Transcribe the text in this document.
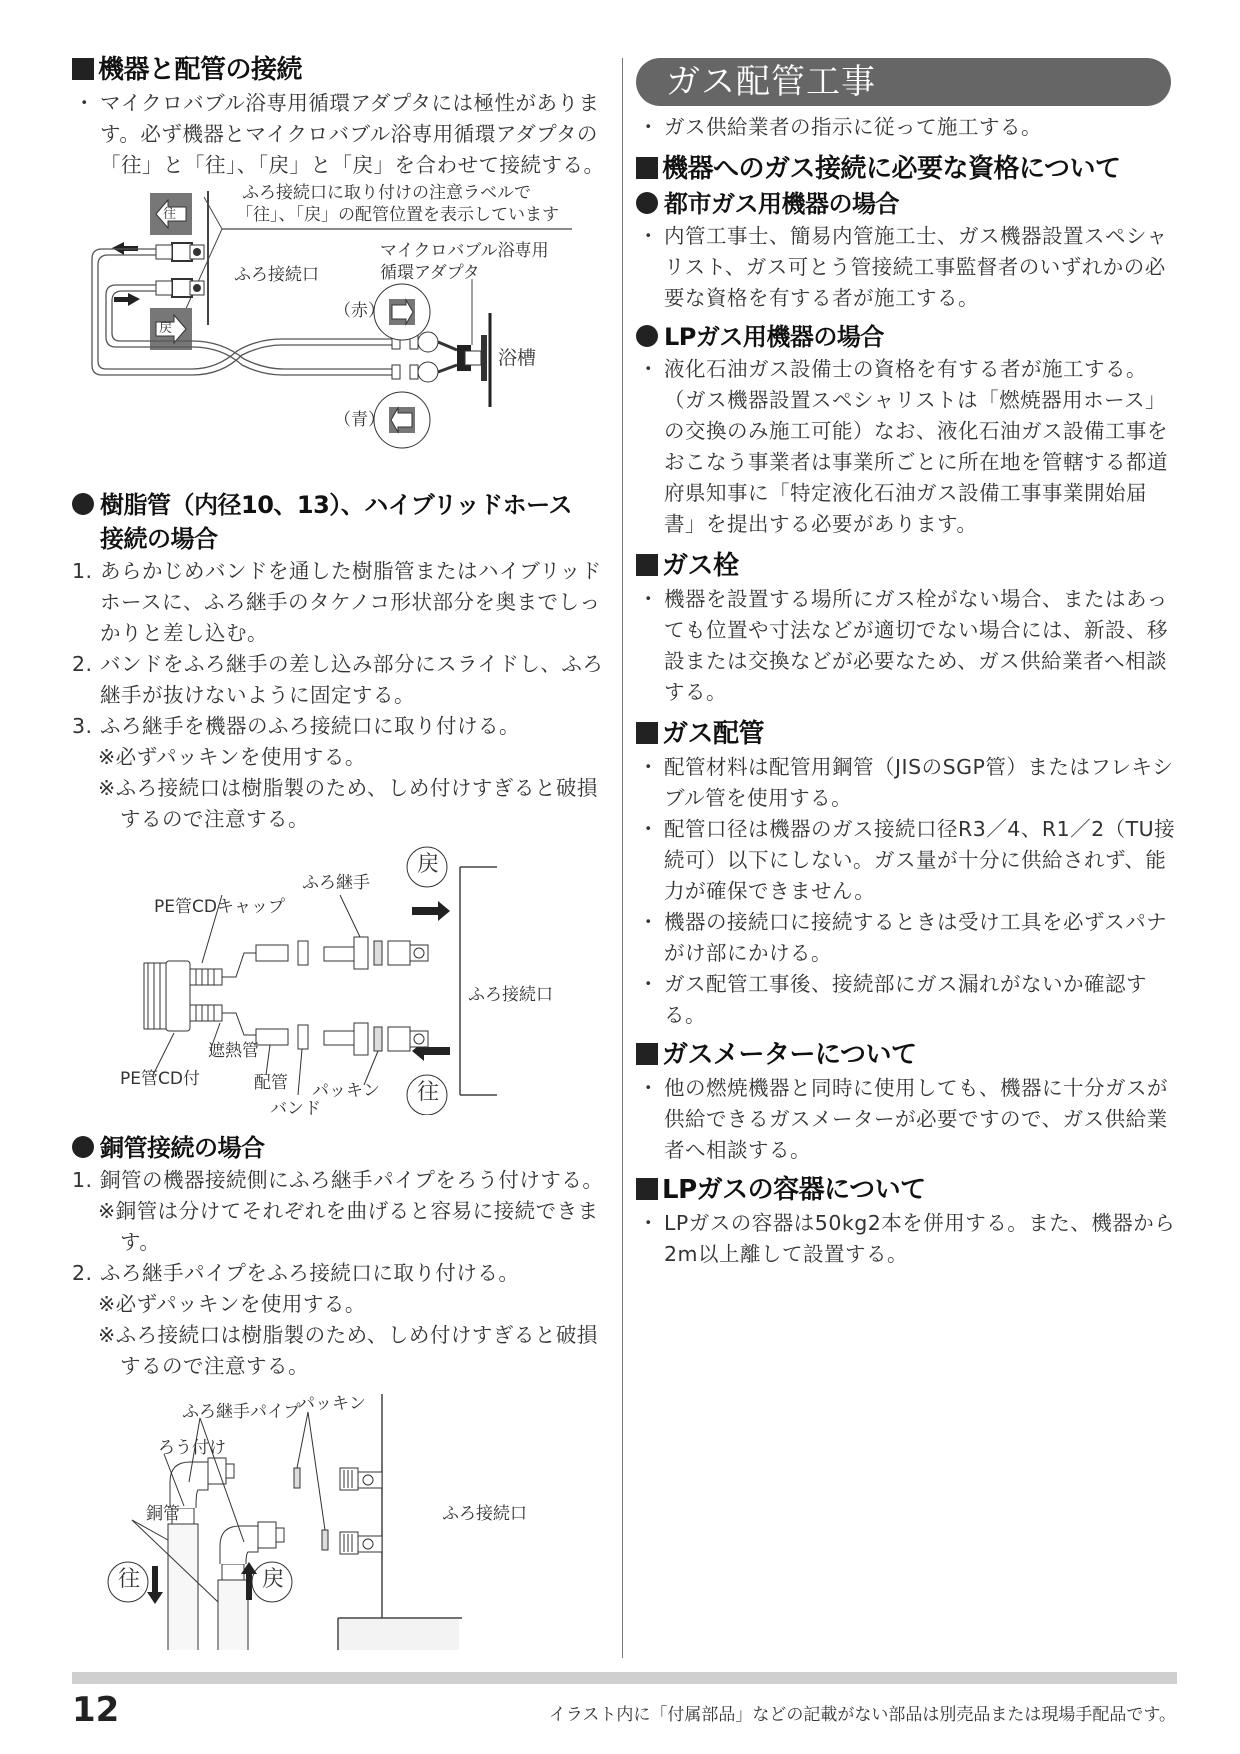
機器と配管の接続

・ マイクロバブル浴専用循環アダプタには極性があります。必ず機器とマイクロバブル浴専用循環アダプタの「往」と「往」、「戻」と「戻」を合わせて接続する。

ふろ接続口に取り付けの注意ラベルで
「往」、「戻」の配管位置を表示しています
往
戻
ふろ接続口
マイクロバブル浴専用
循環アダプタ
（赤）
（青）
浴槽
樹脂管（内径10、13）、ハイブリッドホース
接続の場合

1. あらかじめバンドを通した樹脂管またはハイブリッドホースに、ふろ継手のタケノコ形状部分を奥までしっかりと差し込む。

2. バンドをふろ継手の差し込み部分にスライドし、ふろ継手が抜けないように固定する。

3. ふろ継手を機器のふろ接続口に取り付ける。

※必ずパッキンを使用する。

※ふろ接続口は樹脂製のため、しめ付けすぎると破損するので注意する。

戻
往
ふろ継手
PE管CDキャップ
ふろ接続口
遮熱管
PE管CD付	配管 パッキン
バンド
銅管接続の場合

1. 銅管の機器接続側にふろ継手パイプをろう付けする。

※銅管は分けてそれぞれを曲げると容易に接続できます。

2. ふろ継手パイプをふろ接続口に取り付ける。

※必ずパッキンを使用する。

※ふろ接続口は樹脂製のため、しめ付けすぎると破損するので注意する。

パッキン
ふろ継手パイプ
ろう付け
銅管	ふろ接続口
往	戻
ガス配管工事

・ ガス供給業者の指示に従って施工する。

機器へのガス接続に必要な資格について
都市ガス用機器の場合

・ 内管工事士、簡易内管施工士、ガス機器設置スペシャリスト、ガス可とう管接続工事監督者のいずれかの必要な資格を有する者が施工する。

LPガス用機器の場合

・ 液化石油ガス設備士の資格を有する者が施工する。（ガス機器設置スペシャリストは「燃焼器用ホース」の交換のみ施工可能）なお、液化石油ガス設備工事をおこなう事業者は事業所ごとに所在地を管轄する都道府県知事に「特定液化石油ガス設備工事事業開始届書」を提出する必要があります。

ガス栓

・ 機器を設置する場所にガス栓がない場合、またはあっても位置や寸法などが適切でない場合には、新設、移設または交換などが必要なため、ガス供給業者へ相談する。

ガス配管

・ 配管材料は配管用鋼管（JISのSGP管）またはフレキシブル管を使用する。

・ 配管口径は機器のガス接続口径R3／4、R1／2（TU接続可）以下にしない。ガス量が十分に供給されず、能力が確保できません。

・ 機器の接続口に接続するときは受け工具を必ずスパナがけ部にかける。

・ ガス配管工事後、接続部にガス漏れがないか確認する。

ガスメーターについて

・ 他の燃焼機器と同時に使用しても、機器に十分ガスが供給できるガスメーターが必要ですので、ガス供給業者へ相談する。

LPガスの容器について

・ LPガスの容器は50kg2本を併用する。また、機器から2m以上離して設置する。

12	イラスト内に「付属部品」などの記載がない部品は別売品または現場手配品です。
